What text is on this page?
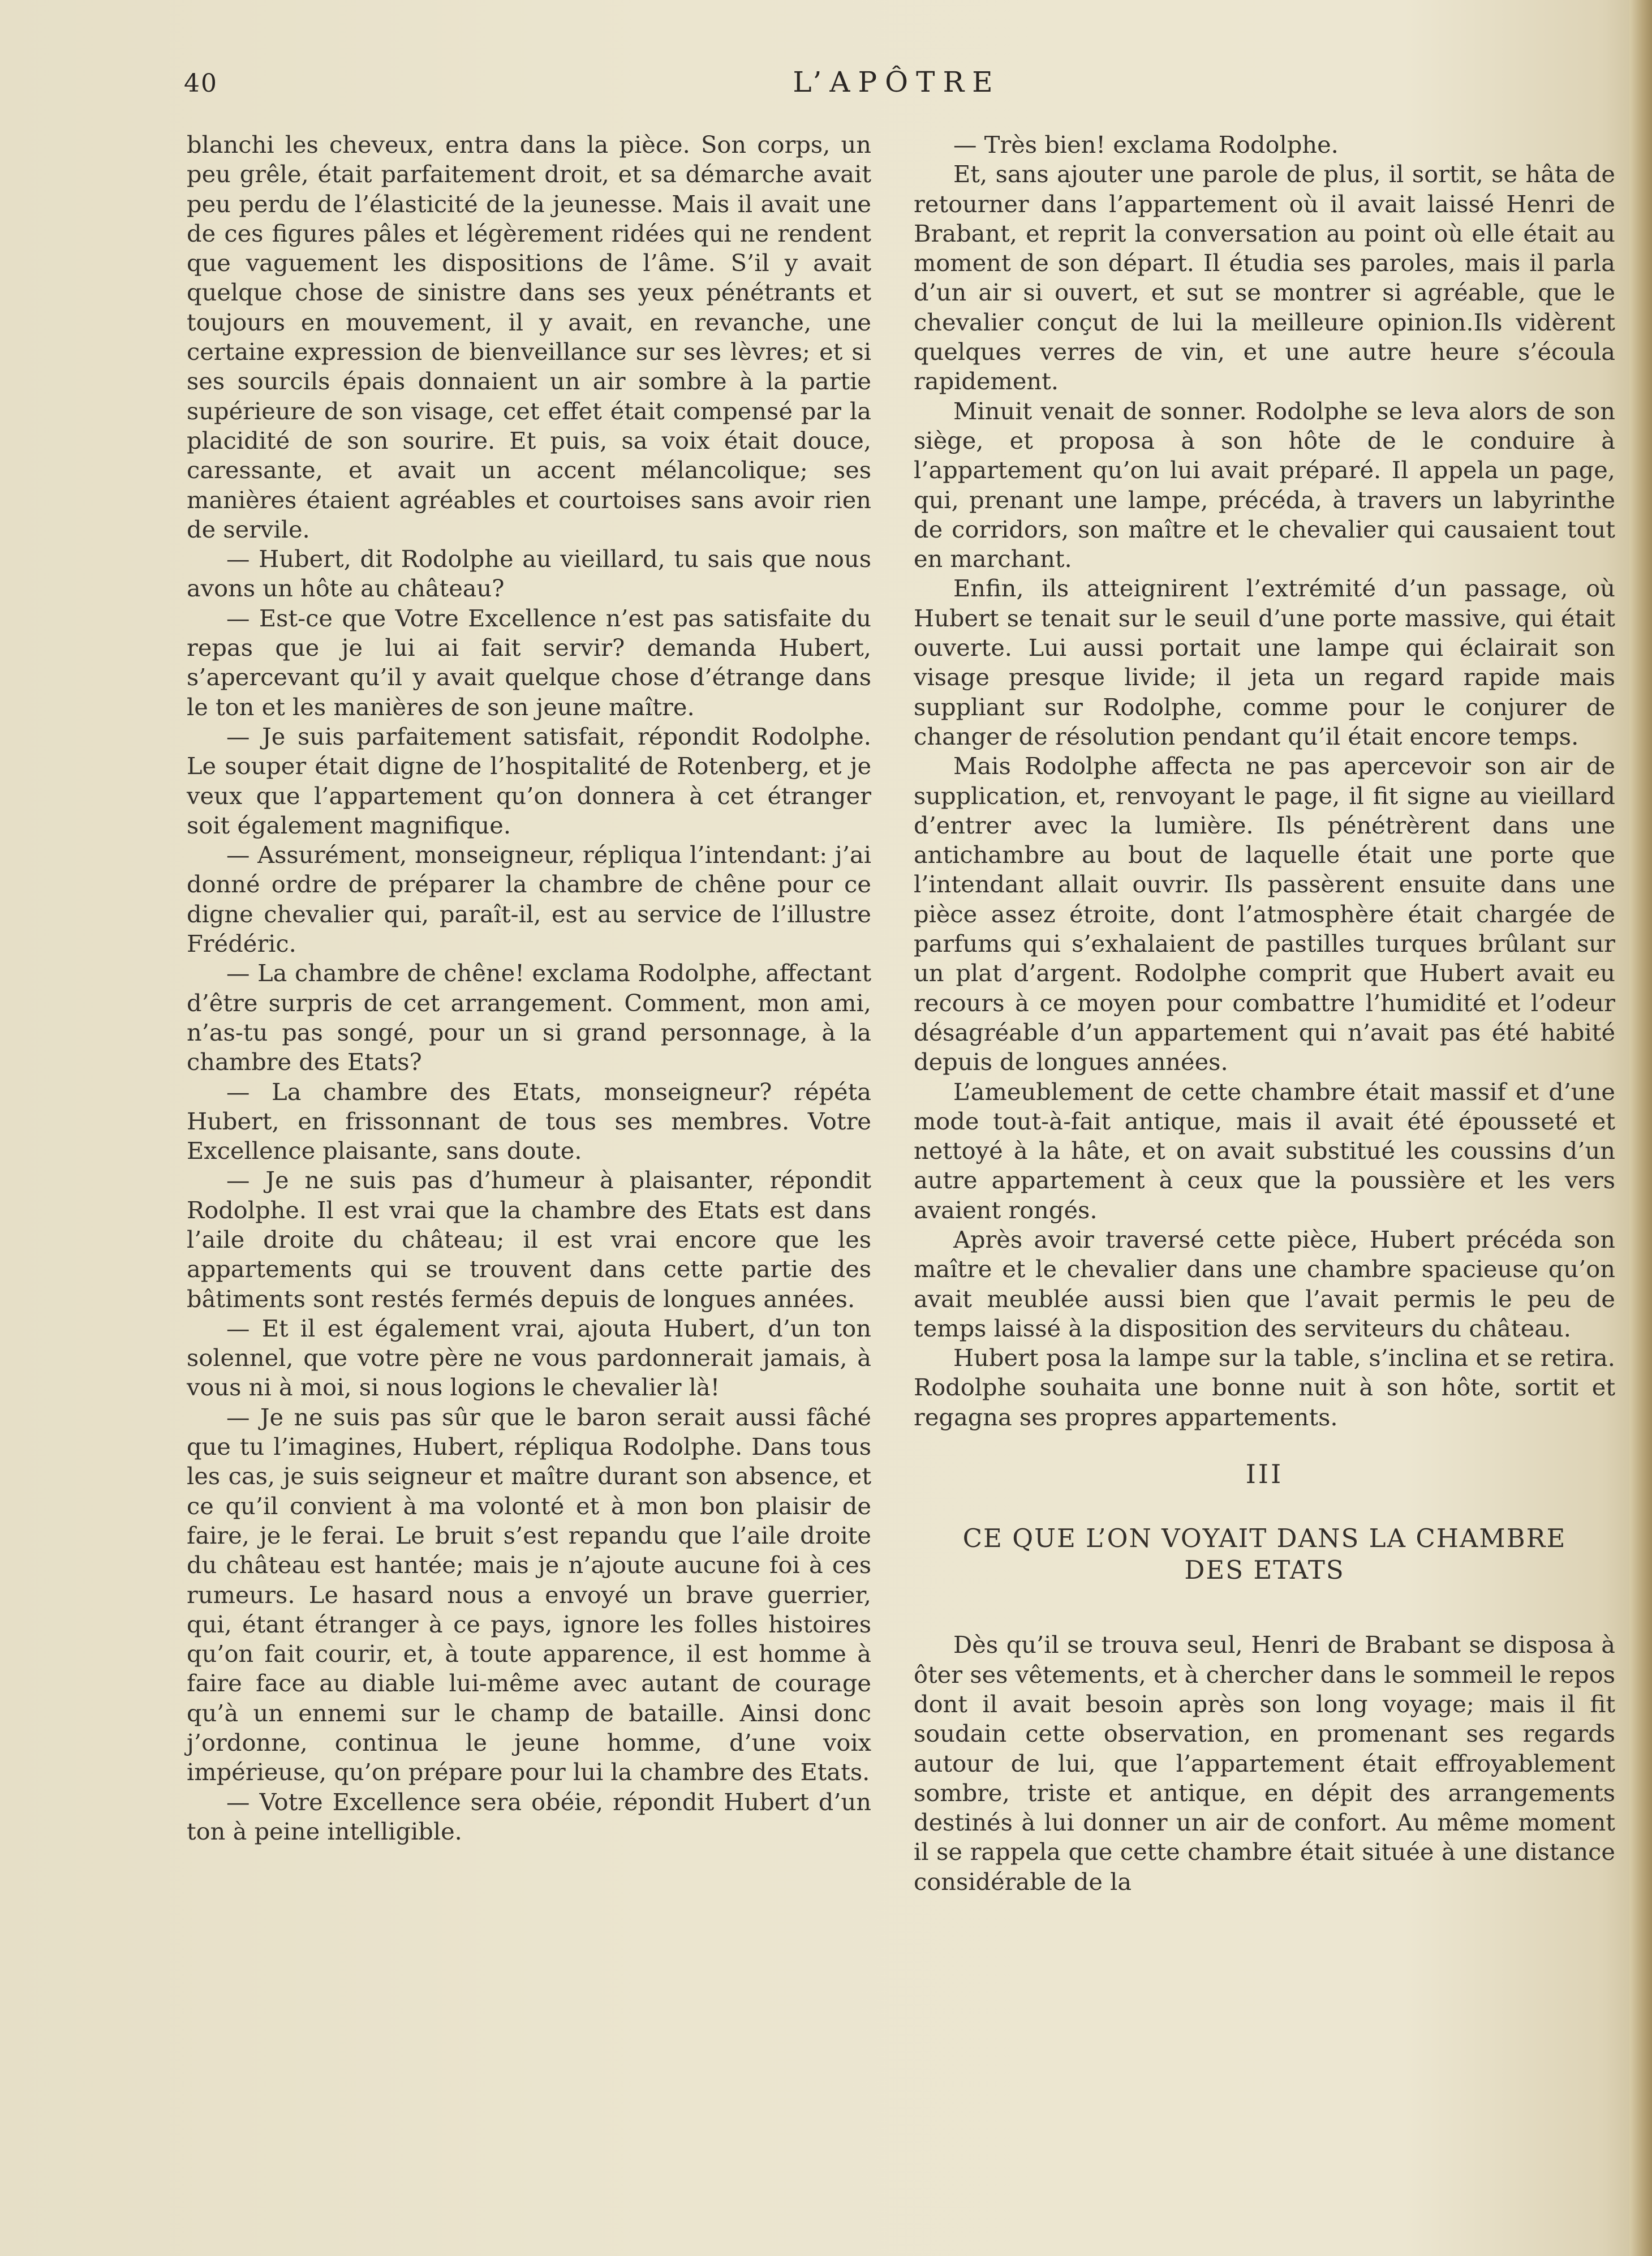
40	L’APÔTRE

blanchi les cheveux, entra dans la pièce. Son corps, un peu grêle, était parfaitement droit, et sa démarche avait peu perdu de l’élasticité de la jeunesse. Mais il avait une de ces figures pâles et légèrement ridées qui ne rendent que vaguement les dispositions de l’âme. S’il y avait quelque chose de sinistre dans ses yeux pénétrants et toujours en mouvement, il y avait, en revanche, une certaine expression de bienveillance sur ses lèvres; et si ses sourcils épais donnaient un air sombre à la partie supérieure de son visage, cet effet était compensé par la placidité de son sourire. Et puis, sa voix était douce, caressante, et avait un accent mélancolique; ses manières étaient agréables et courtoises sans avoir rien de servile.

— Hubert, dit Rodolphe au vieillard, tu sais que nous avons un hôte au château?

— Est-ce que Votre Excellence n’est pas satisfaite du repas que je lui ai fait servir? demanda Hubert, s’apercevant qu’il y avait quelque chose d’étrange dans le ton et les manières de son jeune maître.

— Je suis parfaitement satisfait, répondit Rodolphe. Le souper était digne de l’hospitalité de Rotenberg, et je veux que l’appartement qu’on donnera à cet étranger soit également magnifique.

— Assurément, monseigneur, répliqua l’intendant: j’ai donné ordre de préparer la chambre de chêne pour ce digne chevalier qui, paraît-il, est au service de l’illustre Frédéric.

— La chambre de chêne! exclama Rodolphe, affectant d’être surpris de cet arrangement. Comment, mon ami, n’as-tu pas songé, pour un si grand personnage, à la chambre des Etats?

— La chambre des Etats, monseigneur? répéta Hubert, en frissonnant de tous ses membres. Votre Excellence plaisante, sans doute.

— Je ne suis pas d’humeur à plaisanter, répondit Rodolphe. Il est vrai que la chambre des Etats est dans l’aile droite du château; il est vrai encore que les appartements qui se trouvent dans cette partie des bâtiments sont restés fermés depuis de longues années.

— Et il est également vrai, ajouta Hubert, d’un ton solennel, que votre père ne vous pardonnerait jamais, à vous ni à moi, si nous logions le chevalier là!

— Je ne suis pas sûr que le baron serait aussi fâché que tu l’imagines, Hubert, répliqua Rodolphe. Dans tous les cas, je suis seigneur et maître durant son absence, et ce qu’il convient à ma volonté et à mon bon plaisir de faire, je le ferai. Le bruit s’est repandu que l’aile droite du château est hantée; mais je n’ajoute aucune foi à ces rumeurs. Le hasard nous a envoyé un brave guerrier, qui, étant étranger à ce pays, ignore les folles histoires qu’on fait courir, et, à toute apparence, il est homme à faire face au diable lui-même avec autant de courage qu’à un ennemi sur le champ de bataille. Ainsi donc j’ordonne, continua le jeune homme, d’une voix impérieuse, qu’on prépare pour lui la chambre des Etats.

— Votre Excellence sera obéie, répondit Hubert d’un ton à peine intelligible.

— Très bien! exclama Rodolphe.

Et, sans ajouter une parole de plus, il sortit, se hâta de retourner dans l’appartement où il avait laissé Henri de Brabant, et reprit la conversation au point où elle était au moment de son départ. Il étudia ses paroles, mais il parla d’un air si ouvert, et sut se montrer si agréable, que le chevalier conçut de lui la meilleure opinion.Ils vidèrent quelques verres de vin, et une autre heure s’écoula rapidement.

Minuit venait de sonner. Rodolphe se leva alors de son siège, et proposa à son hôte de le conduire à l’appartement qu’on lui avait préparé. Il appela un page, qui, prenant une lampe, précéda, à travers un labyrinthe de corridors, son maître et le chevalier qui causaient tout en marchant.

Enfin, ils atteignirent l’extrémité d’un passage, où Hubert se tenait sur le seuil d’une porte massive, qui était ouverte. Lui aussi portait une lampe qui éclairait son visage presque livide; il jeta un regard rapide mais suppliant sur Rodolphe, comme pour le conjurer de changer de résolution pendant qu’il était encore temps.

Mais Rodolphe affecta ne pas apercevoir son air de supplication, et, renvoyant le page, il fit signe au vieillard d’entrer avec la lumière. Ils pénétrèrent dans une antichambre au bout de laquelle était une porte que l’intendant allait ouvrir. Ils passèrent ensuite dans une pièce assez étroite, dont l’atmosphère était chargée de parfums qui s’exhalaient de pastilles turques brûlant sur un plat d’argent. Rodolphe comprit que Hubert avait eu recours à ce moyen pour combattre l’humidité et l’odeur désagréable d’un appartement qui n’avait pas été habité depuis de longues années.

L’ameublement de cette chambre était massif et d’une mode tout-à-fait antique, mais il avait été épousseté et nettoyé à la hâte, et on avait substitué les coussins d’un autre appartement à ceux que la poussière et les vers avaient rongés.

Après avoir traversé cette pièce, Hubert précéda son maître et le chevalier dans une chambre spacieuse qu’on avait meublée aussi bien que l’avait permis le peu de temps laissé à la disposition des serviteurs du château.

Hubert posa la lampe sur la table, s’inclina et se retira. Rodolphe souhaita une bonne nuit à son hôte, sortit et regagna ses propres appartements.

III
CE QUE L’ON VOYAIT DANS LA CHAMBRE
DES ETATS

Dès qu’il se trouva seul, Henri de Brabant se disposa à ôter ses vêtements, et à chercher dans le sommeil le repos dont il avait besoin après son long voyage; mais il fit soudain cette observation, en promenant ses regards autour de lui, que l’appartement était effroyablement sombre, triste et antique, en dépit des arrangements destinés à lui donner un air de confort. Au même moment il se rappela que cette chambre était située à une distance considérable de la
